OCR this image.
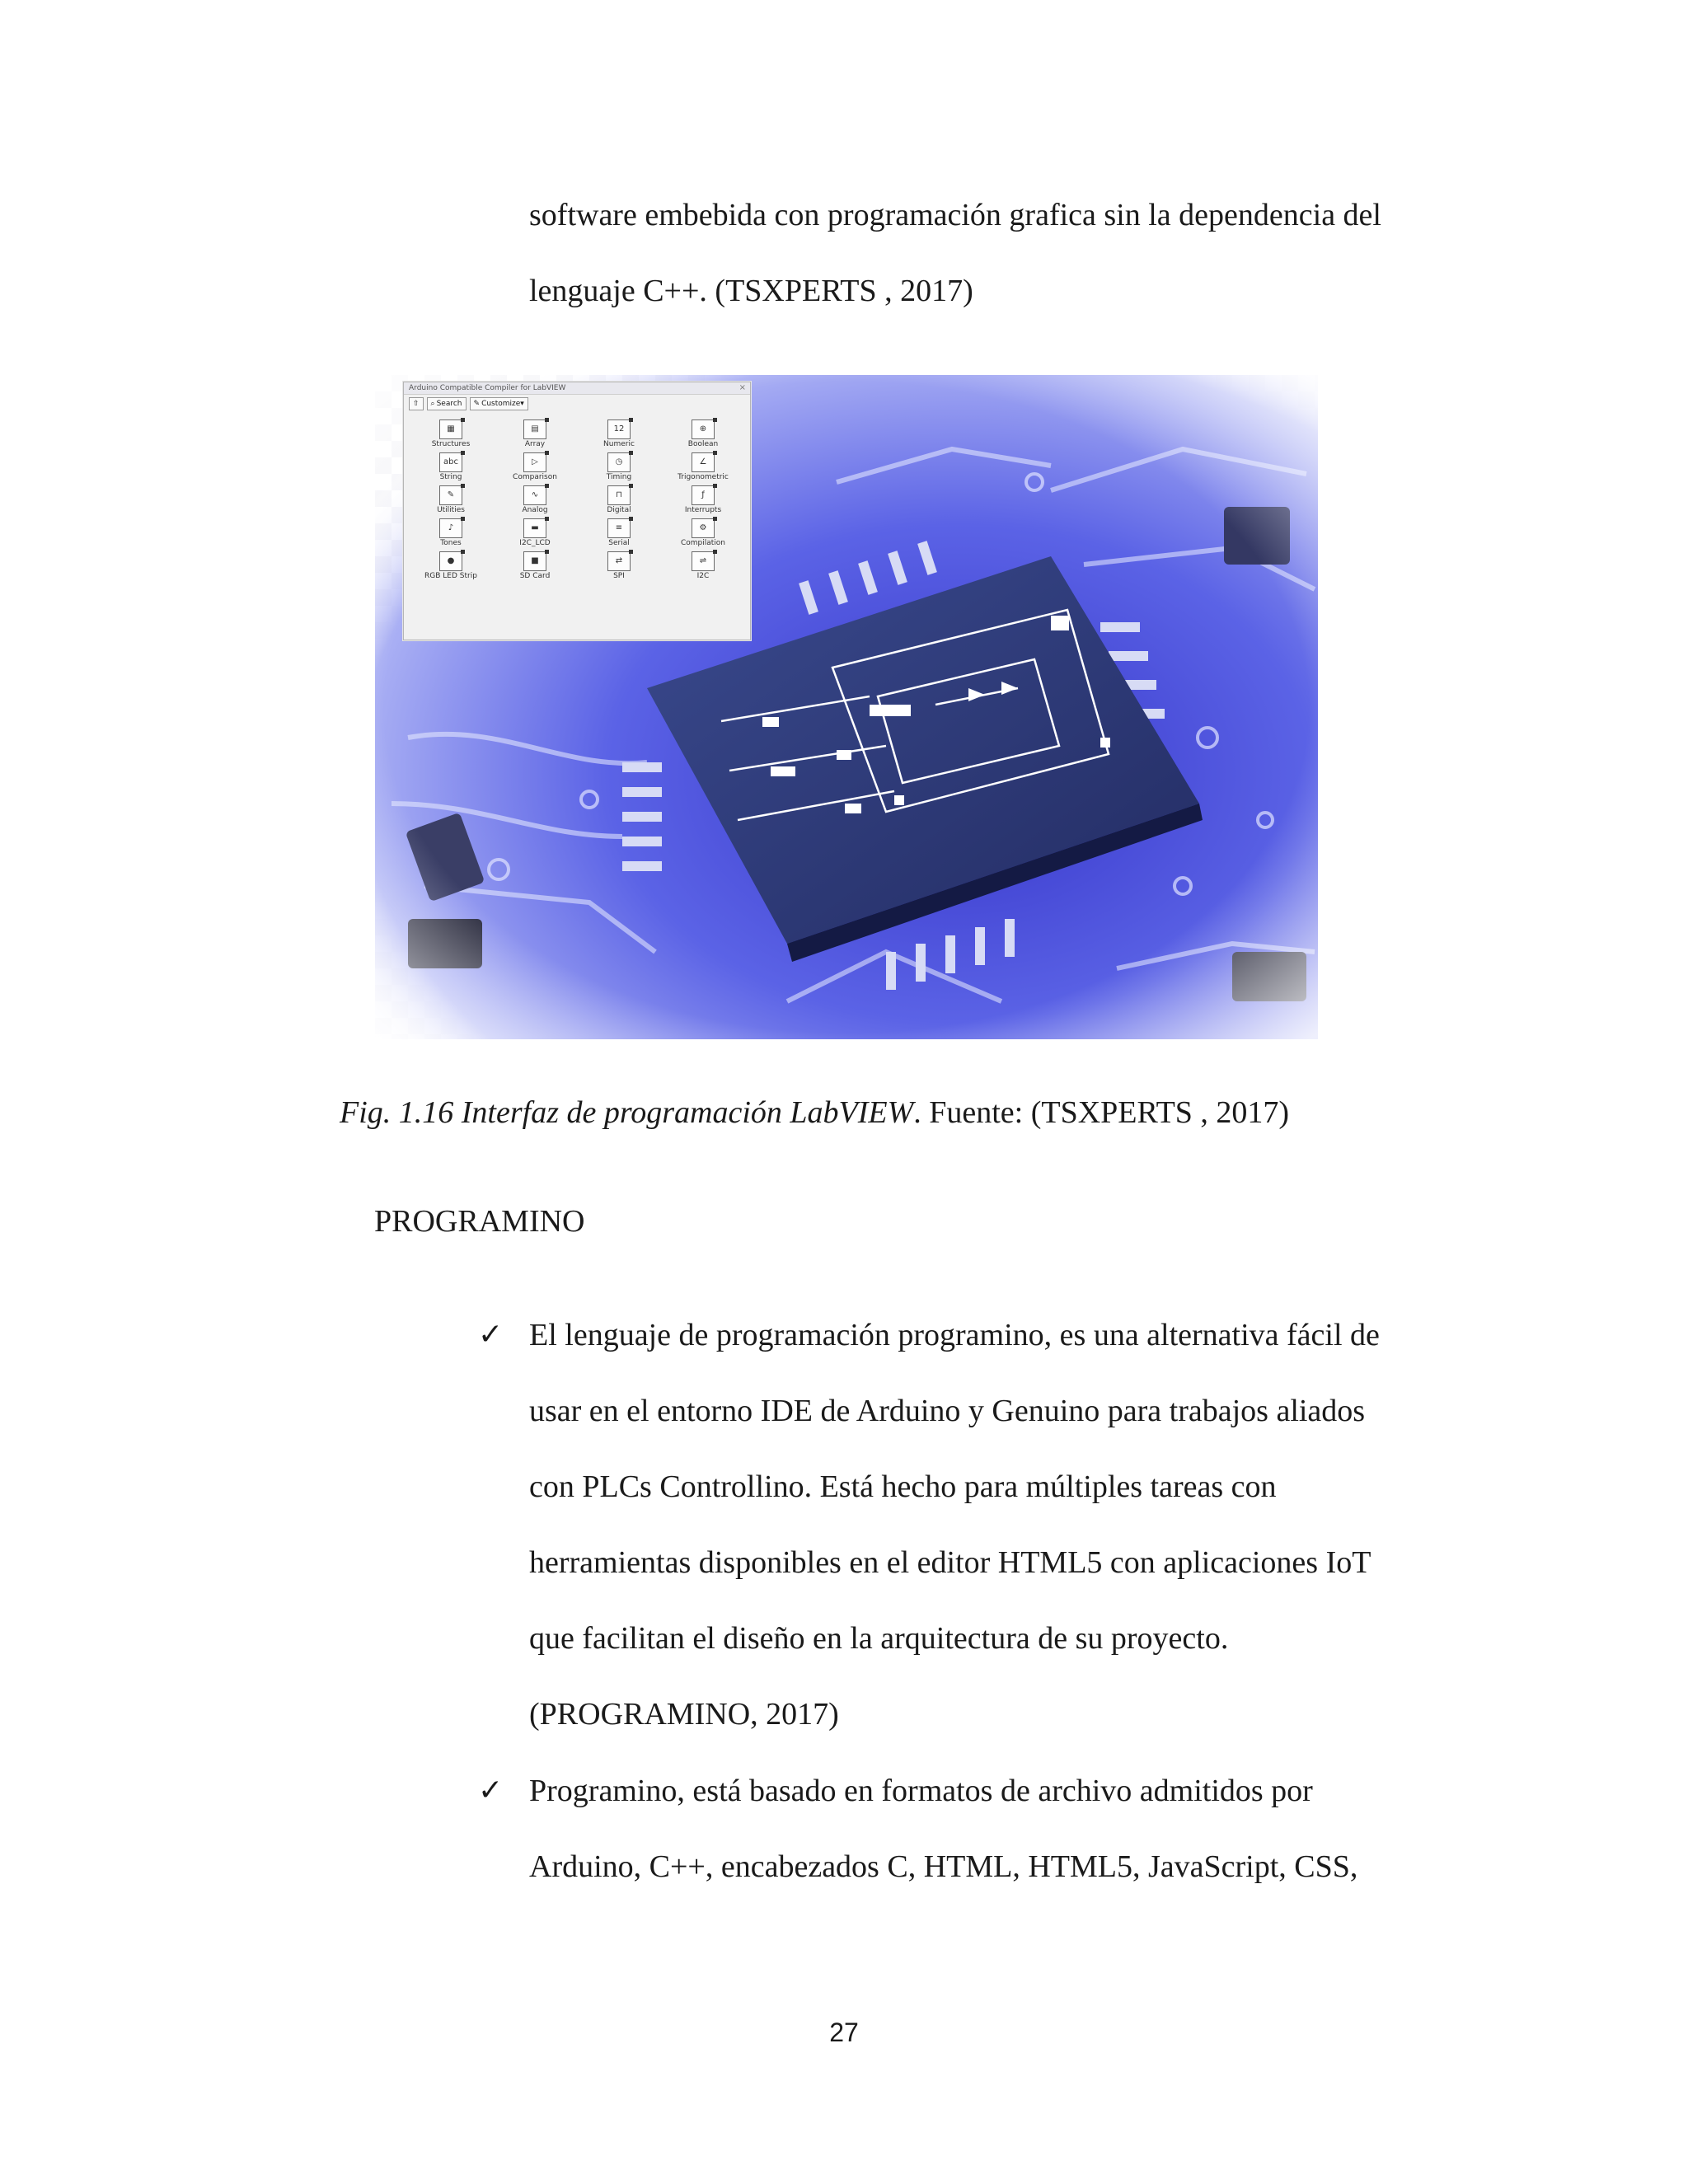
software embebida con programación grafica sin la dependencia del
lenguaje C++. (TSXPERTS , 2017)
Arduino Compatible Compiler for LabVIEW	×
⇧	⌕ Search ✎ Customize▾
▦
Structures
▤
Array
12
Numeric
⊕
Boolean
abc
String
▷
Comparison
◷
Timing
∠
Trigonometric
✎
Utilities
∿
Analog
⊓
Digital
ƒ
Interrupts
♪
Tones
▬
I2C_LCD
≡
Serial
⚙
Compilation
●
RGB LED Strip
■
SD Card
⇄
SPI
⇌
I2C

Fig. 1.16 Interfaz de programación LabVIEW. Fuente: (TSXPERTS , 2017)

PROGRAMINO

✓ El lenguaje de programación programino, es una alternativa fácil de
usar en el entorno IDE de Arduino y Genuino para trabajos aliados
con PLCs Controllino. Está hecho para múltiples tareas con
herramientas disponibles en el editor HTML5 con aplicaciones IoT
que facilitan el diseño en la arquitectura de su proyecto.
(PROGRAMINO, 2017)
✓ Programino, está basado en formatos de archivo admitidos por
Arduino, C++, encabezados C, HTML, HTML5, JavaScript, CSS,
27
